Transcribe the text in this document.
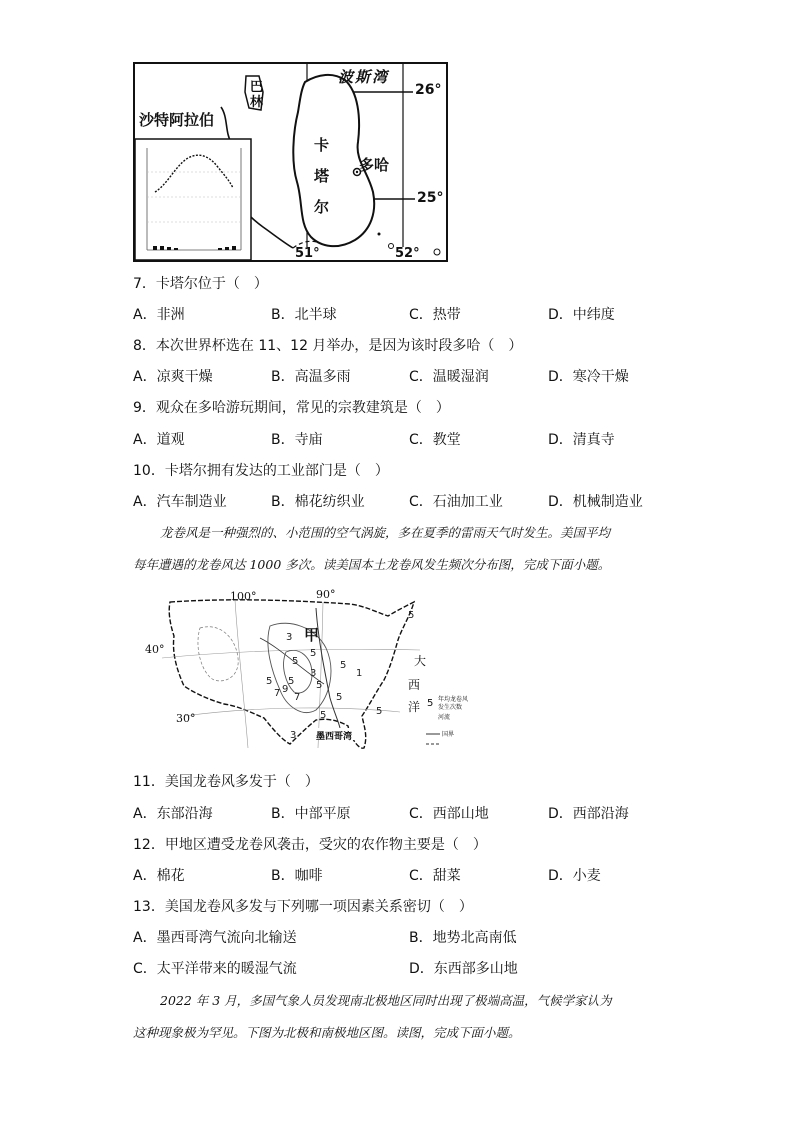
巴
林
波斯湾
沙特阿拉伯
卡
塔
尔
多哈
26°
25°
51°	52°
7．卡塔尔位于（　）
A．非洲	B．北半球	C．热带	D．中纬度
8．本次世界杯选在 11、12 月举办，是因为该时段多哈（　）
A．凉爽干燥	B．高温多雨	C．温暖湿润	D．寒冷干燥
9．观众在多哈游玩期间，常见的宗教建筑是（　）
A．道观	B．寺庙	C．教堂	D．清真寺
10．卡塔尔拥有发达的工业部门是（　）
A．汽车制造业	B．棉花纺织业	C．石油加工业	D．机械制造业
龙卷风是一种强烈的、小范围的空气涡旋，多在夏季的雷雨天气时发生。美国平均
每年遭遇的龙卷风达 1000 多次。读美国本土龙卷风发生频次分布图，完成下面小题。
3
5
5
3
5
1
5
7 9
5
7
5
5
5
3
5
5
100°	90°
40°
30°
甲
大
西
洋
墨西哥湾
5 年均龙卷风
发生次数
河流
国界
11．美国龙卷风多发于（　）
A．东部沿海	B．中部平原	C．西部山地	D．西部沿海
12．甲地区遭受龙卷风袭击，受灾的农作物主要是（　）
A．棉花	B．咖啡	C．甜菜	D．小麦
13．美国龙卷风多发与下列哪一项因素关系密切（　）
A．墨西哥湾气流向北输送	B．地势北高南低
C．太平洋带来的暖湿气流	D．东西部多山地
2022 年 3 月，多国气象人员发现南北极地区同时出现了极端高温，气候学家认为
这种现象极为罕见。下图为北极和南极地区图。读图，完成下面小题。
